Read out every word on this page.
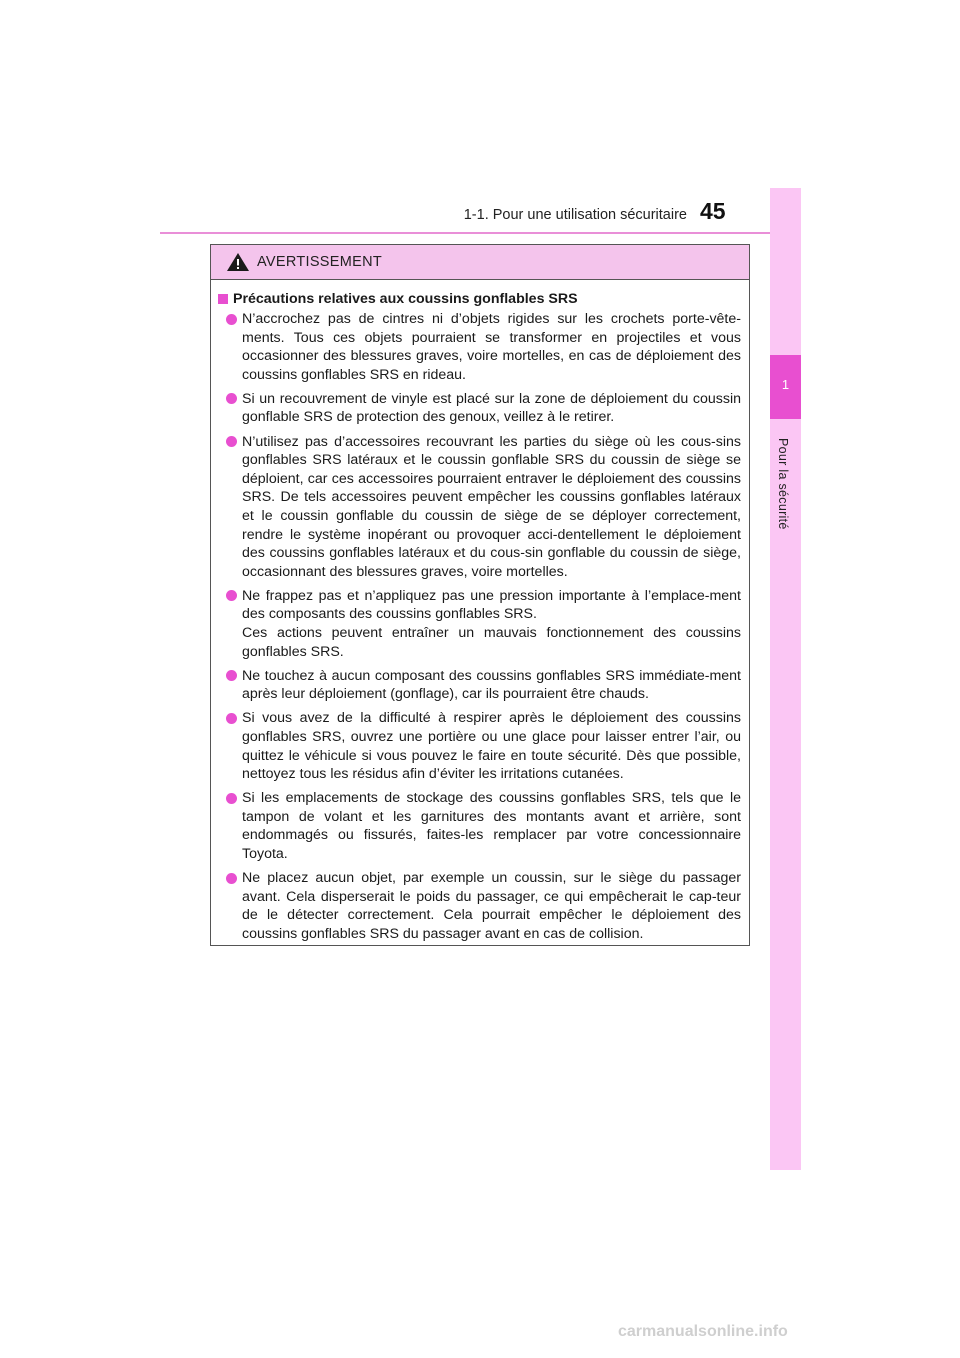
1-1. Pour une utilisation sécuritaire 45
1
Pour la sécurité
AVERTISSEMENT
Précautions relatives aux coussins gonflables SRS
N’accrochez pas de cintres ni d’objets rigides sur les crochets porte-vête-ments. Tous ces objets pourraient se transformer en projectiles et vous occasionner des blessures graves, voire mortelles, en cas de déploiement des coussins gonflables SRS en rideau.
Si un recouvrement de vinyle est placé sur la zone de déploiement du coussin gonflable SRS de protection des genoux, veillez à le retirer.
N’utilisez pas d’accessoires recouvrant les parties du siège où les cous-sins gonflables SRS latéraux et le coussin gonflable SRS du coussin de siège se déploient, car ces accessoires pourraient entraver le déploiement des coussins SRS. De tels accessoires peuvent empêcher les coussins gonflables latéraux et le coussin gonflable du coussin de siège de se déployer correctement, rendre le système inopérant ou provoquer acci-dentellement le déploiement des coussins gonflables latéraux et du cous-sin gonflable du coussin de siège, occasionnant des blessures graves, voire mortelles.
Ne frappez pas et n’appliquez pas une pression importante à l’emplace-ment des composants des coussins gonflables SRS.
Ces actions peuvent entraîner un mauvais fonctionnement des coussins gonflables SRS.
Ne touchez à aucun composant des coussins gonflables SRS immédiate-ment après leur déploiement (gonflage), car ils pourraient être chauds.
Si vous avez de la difficulté à respirer après le déploiement des coussins gonflables SRS, ouvrez une portière ou une glace pour laisser entrer l’air, ou quittez le véhicule si vous pouvez le faire en toute sécurité. Dès que possible, nettoyez tous les résidus afin d’éviter les irritations cutanées.
Si les emplacements de stockage des coussins gonflables SRS, tels que le tampon de volant et les garnitures des montants avant et arrière, sont endommagés ou fissurés, faites-les remplacer par votre concessionnaire Toyota.
Ne placez aucun objet, par exemple un coussin, sur le siège du passager avant. Cela disperserait le poids du passager, ce qui empêcherait le cap-teur de le détecter correctement. Cela pourrait empêcher le déploiement des coussins gonflables SRS du passager avant en cas de collision.
carmanualsonline.info
